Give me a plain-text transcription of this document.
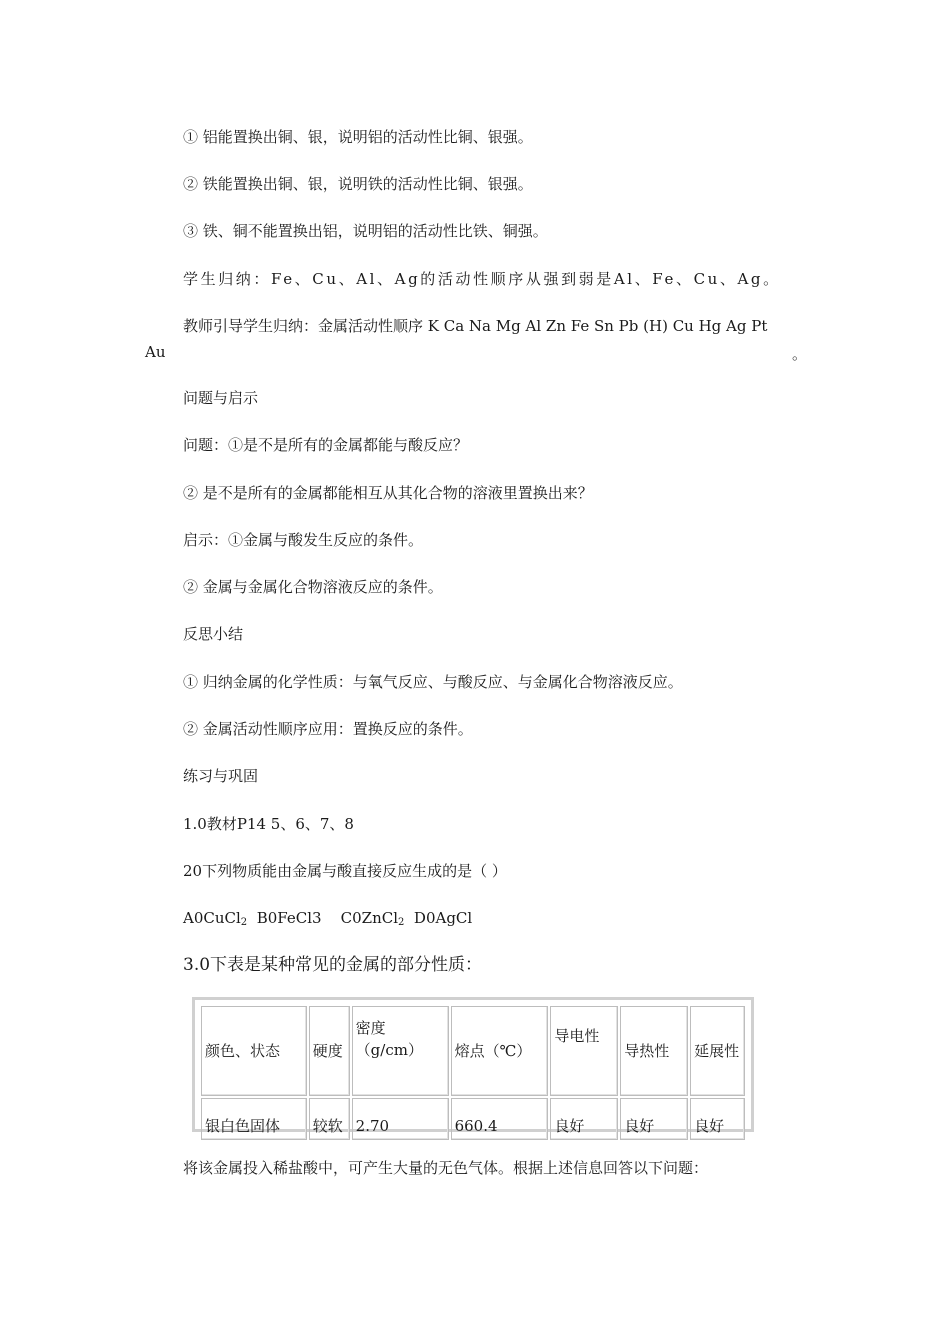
① 铝能置换出铜、银，说明铝的活动性比铜、银强。
② 铁能置换出铜、银，说明铁的活动性比铜、银强。
③ 铁、铜不能置换出铝，说明铝的活动性比铁、铜强。
学生归纳：Fe、Cu、Al、Ag的活动性顺序从强到弱是Al、Fe、Cu、Ag。
教师引导学生归纳：金属活动性顺序 K Ca Na Mg Al Zn Fe Sn Pb (H) Cu Hg Ag Pt
Au	。
问题与启示
问题：①是不是所有的金属都能与酸反应？
② 是不是所有的金属都能相互从其化合物的溶液里置换出来？
启示：①金属与酸发生反应的条件。
② 金属与金属化合物溶液反应的条件。
反思小结
① 归纳金属的化学性质：与氧气反应、与酸反应、与金属化合物溶液反应。
② 金属活动性顺序应用：置换反应的条件。
练习与巩固
1.0教材P14 5、6、7、8
20下列物质能由金属与酸直接反应生成的是（ ）
A0CuCl$_2$  B0FeCl3    C0ZnCl$_2$  D0AgCl
3.0下表是某种常见的金属的部分性质：
颜色、状态	硬度	密度（g/cm）	熔点（℃）	导电性	导热性	延展性
银白色固体	较软	2.70	660.4	良好	良好	良好
将该金属投入稀盐酸中，可产生大量的无色气体。根据上述信息回答以下问题：
